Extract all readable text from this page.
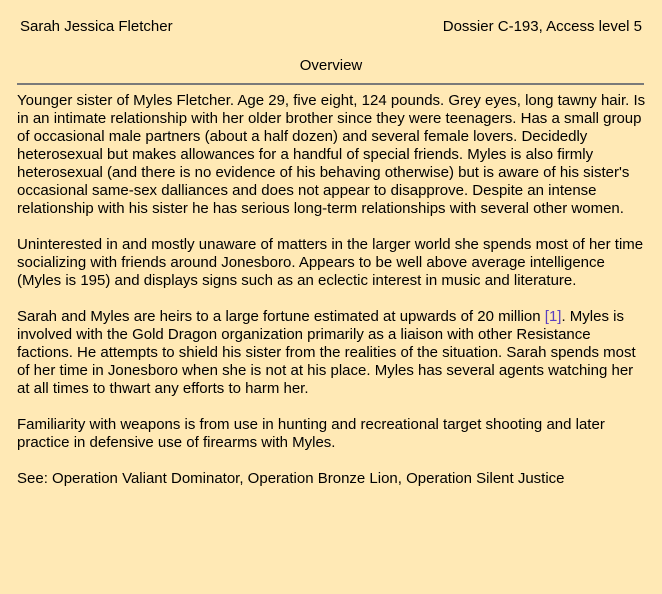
Sarah Jessica Fletcher	Dossier C-193, Access level 5
Overview

Younger sister of Myles Fletcher. Age 29, five eight, 124 pounds. Grey eyes, long tawny hair. Is in an intimate relationship with her older brother since they were teenagers. Has a small group of occasional male partners (about a half dozen) and several female lovers. Decidedly heterosexual but makes allowances for a handful of special friends. Myles is also firmly heterosexual (and there is no evidence of his behaving otherwise) but is aware of his sister's occasional same-sex dalliances and does not appear to disapprove. Despite an intense relationship with his sister he has serious long-term relationships with several other women.

Uninterested in and mostly unaware of matters in the larger world she spends most of her time socializing with friends around Jonesboro. Appears to be well above average intelligence (Myles is 195) and displays signs such as an eclectic interest in music and literature.

Sarah and Myles are heirs to a large fortune estimated at upwards of 20 million [1]. Myles is involved with the Gold Dragon organization primarily as a liaison with other Resistance factions. He attempts to shield his sister from the realities of the situation. Sarah spends most of her time in Jonesboro when she is not at his place. Myles has several agents watching her at all times to thwart any efforts to harm her.

Familiarity with weapons is from use in hunting and recreational target shooting and later practice in defensive use of firearms with Myles.

See: Operation Valiant Dominator, Operation Bronze Lion, Operation Silent Justice
